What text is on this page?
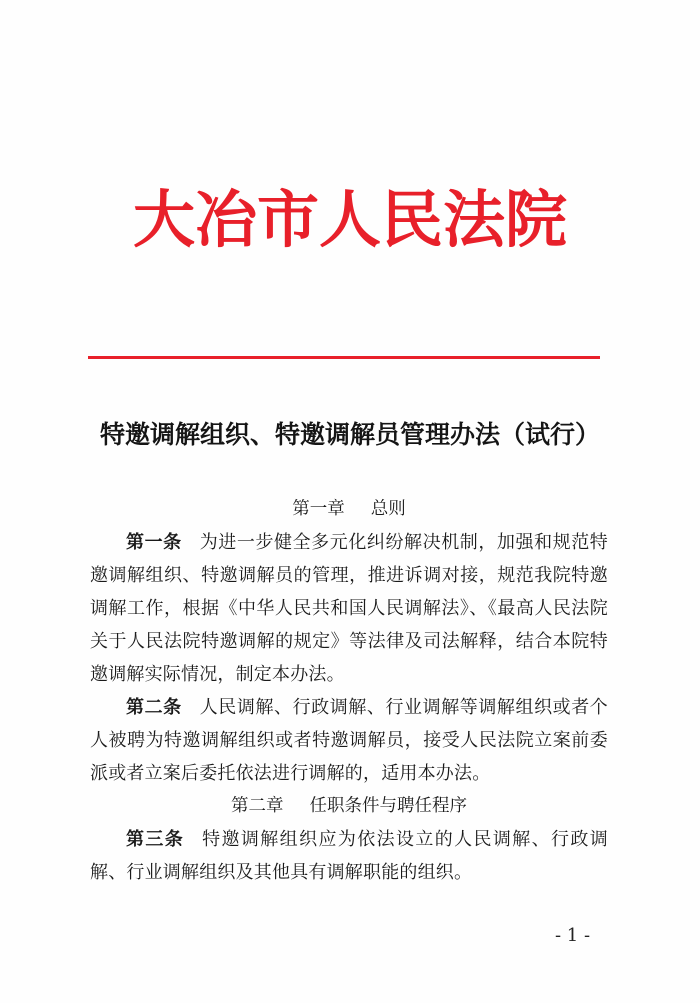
大冶市人民法院
特邀调解组织、特邀调解员管理办法（试行）
第一章 总则
第一条 为进一步健全多元化纠纷解决机制，加强和规范特邀调解组织、特邀调解员的管理，推进诉调对接，规范我院特邀调解工作，根据《中华人民共和国人民调解法》、《最高人民法院关于人民法院特邀调解的规定》等法律及司法解释，结合本院特邀调解实际情况，制定本办法。
第二条 人民调解、行政调解、行业调解等调解组织或者个人被聘为特邀调解组织或者特邀调解员，接受人民法院立案前委派或者立案后委托依法进行调解的，适用本办法。
第二章 任职条件与聘任程序
第三条 特邀调解组织应为依法设立的人民调解、行政调解、行业调解组织及其他具有调解职能的组织。
- 1 -
